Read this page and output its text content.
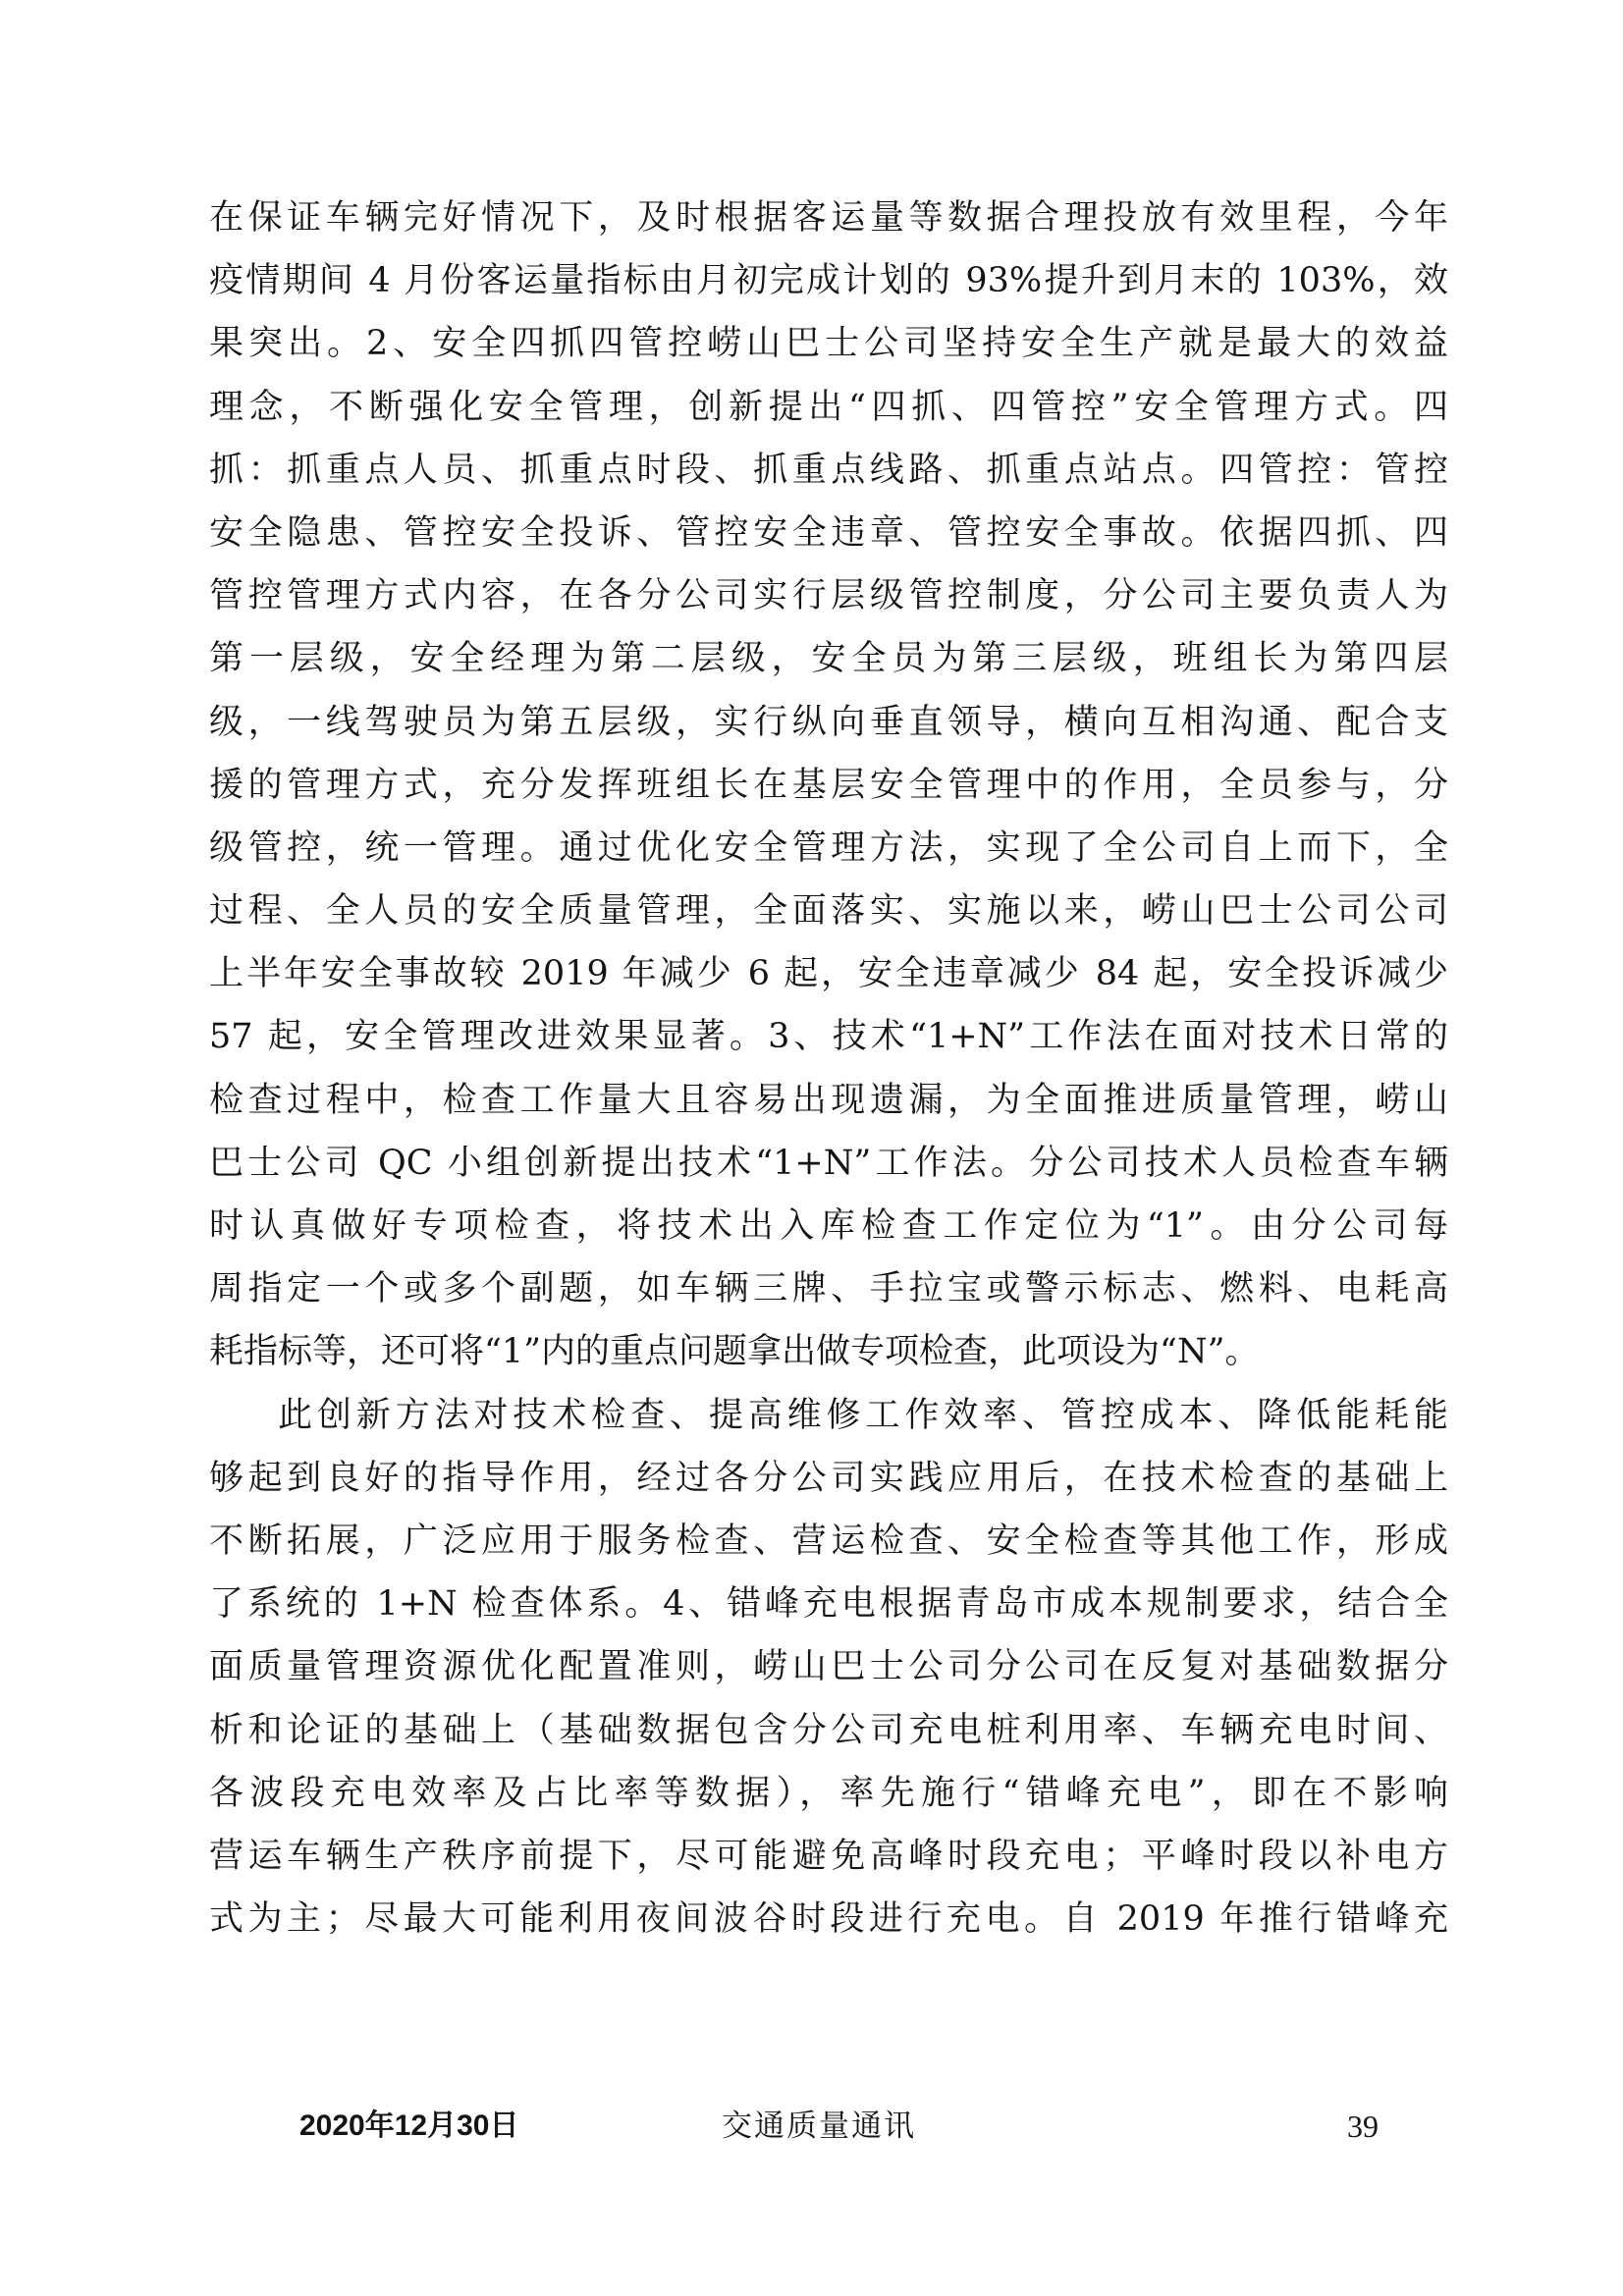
在保证车辆完好情况下，及时根据客运量等数据合理投放有效里程，今年
疫情期间 4 月份客运量指标由月初完成计划的 93%提升到月末的 103%，效
果突出。2、安全四抓四管控崂山巴士公司坚持安全生产就是最大的效益
理念，不断强化安全管理，创新提出“四抓、四管控”安全管理方式。四
抓：抓重点人员、抓重点时段、抓重点线路、抓重点站点。四管控：管控
安全隐患、管控安全投诉、管控安全违章、管控安全事故。依据四抓、四
管控管理方式内容，在各分公司实行层级管控制度，分公司主要负责人为
第一层级，安全经理为第二层级，安全员为第三层级，班组长为第四层
级，一线驾驶员为第五层级，实行纵向垂直领导，横向互相沟通、配合支
援的管理方式，充分发挥班组长在基层安全管理中的作用，全员参与，分
级管控，统一管理。通过优化安全管理方法，实现了全公司自上而下，全
过程、全人员的安全质量管理，全面落实、实施以来，崂山巴士公司公司
上半年安全事故较 2019 年减少 6 起，安全违章减少 84 起，安全投诉减少
57 起，安全管理改进效果显著。3、技术“1+N”工作法在面对技术日常的
检查过程中，检查工作量大且容易出现遗漏，为全面推进质量管理，崂山
巴士公司 QC 小组创新提出技术“1+N”工作法。分公司技术人员检查车辆
时认真做好专项检查，将技术出入库检查工作定位为“1”。由分公司每
周指定一个或多个副题，如车辆三牌、手拉宝或警示标志、燃料、电耗高
耗指标等，还可将“1”内的重点问题拿出做专项检查，此项设为“N”。
此创新方法对技术检查、提高维修工作效率、管控成本、降低能耗能
够起到良好的指导作用，经过各分公司实践应用后，在技术检查的基础上
不断拓展，广泛应用于服务检查、营运检查、安全检查等其他工作，形成
了系统的 1+N 检查体系。4、错峰充电根据青岛市成本规制要求，结合全
面质量管理资源优化配置准则，崂山巴士公司分公司在反复对基础数据分
析和论证的基础上（基础数据包含分公司充电桩利用率、车辆充电时间、
各波段充电效率及占比率等数据），率先施行“错峰充电”，即在不影响
营运车辆生产秩序前提下，尽可能避免高峰时段充电；平峰时段以补电方
式为主；尽最大可能利用夜间波谷时段进行充电。自 2019 年推行错峰充
2020年12月30日	交通质量通讯	39
